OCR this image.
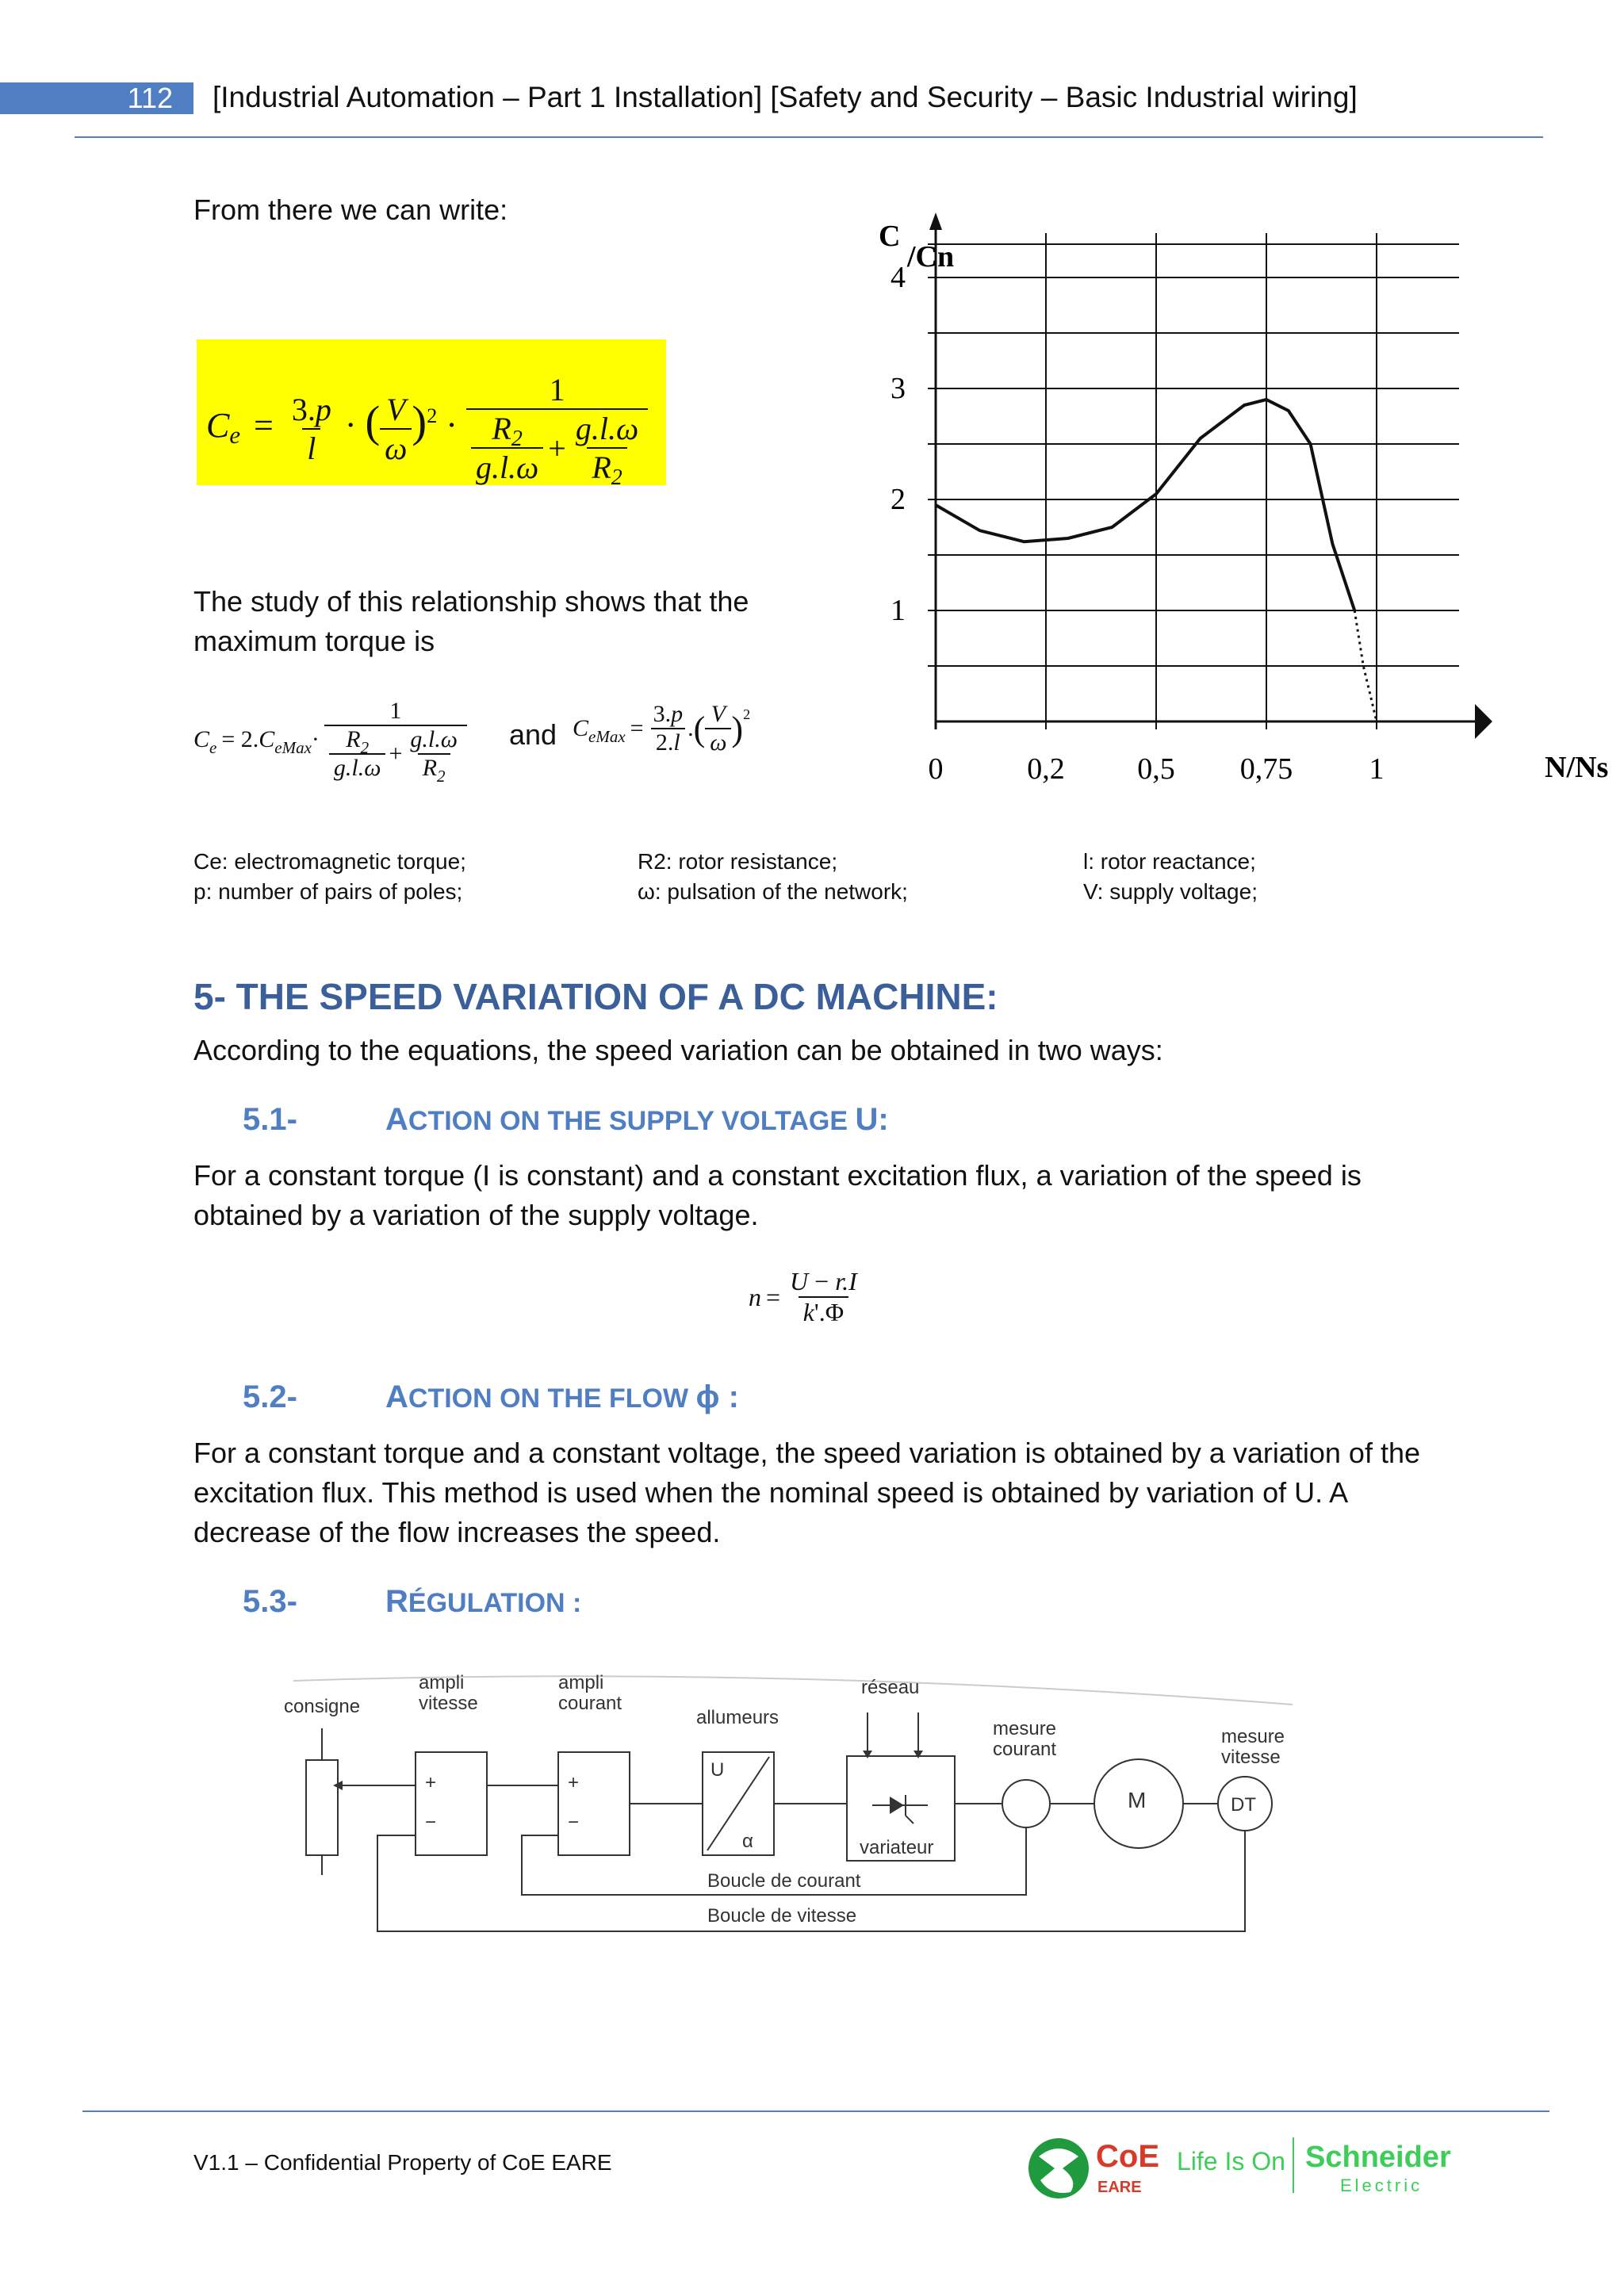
112	[Industrial Automation – Part 1 Installation] [Safety and Security – Basic Industrial wiring]
From there we can write:
$Ce = \frac{3.p}{l}$ · ( $\frac{V}{\omega} )^2 \cdot \frac{1}{\frac{R_2}{g.l.\omega} + \frac{g.l.\omega}{R_2}}$
The study of this relationship shows that the maximum torque is
$C_e = 2.C_{eMax}\cdot \frac{1}{\frac{R_2}{g.l.\omega} + \frac{g.l.\omega}{R_2}}$ and $C_{eMax} = \frac{3.p}{2.l}$ . ( $\frac{V}{\omega}$ ) 2
Ce: electromagnetic torque;
p: number of pairs of poles;
R2: rotor resistance;
ω: pulsation of the network;
l: rotor reactance;
V: supply voltage;
1
2
3
4
0	0,2 0,5 0,75	1
C
/Cn
N/Ns
5- THE SPEED VARIATION OF A DC MACHINE:
According to the equations, the speed variation can be obtained in two ways:
5.1-	ACTION ON THE SUPPLY VOLTAGE U:
For a constant torque (I is constant) and a constant excitation flux, a variation of the speed is obtained by a variation of the supply voltage.
$n = \frac{U - r.I}{k'.\Phi}$
5.2-	ACTION ON THE FLOW ϕ :
For a constant torque and a constant voltage, the speed variation is obtained by a variation of the excitation flux. This method is used when the nominal speed is obtained by variation of U. A decrease of the flow increases the speed.
5.3-	RÉGULATION :
consigne
ampli
vitesse
ampli
courant
allumeurs
réseau
mesure
courant
mesure
vitesse
+
−
+
−
U
α	variateur
M	DT
Boucle de courant
Boucle de vitesse
V1.1 – Confidential Property of CoE EARE	CoE
EARE
Life Is On Schneider
Electric
